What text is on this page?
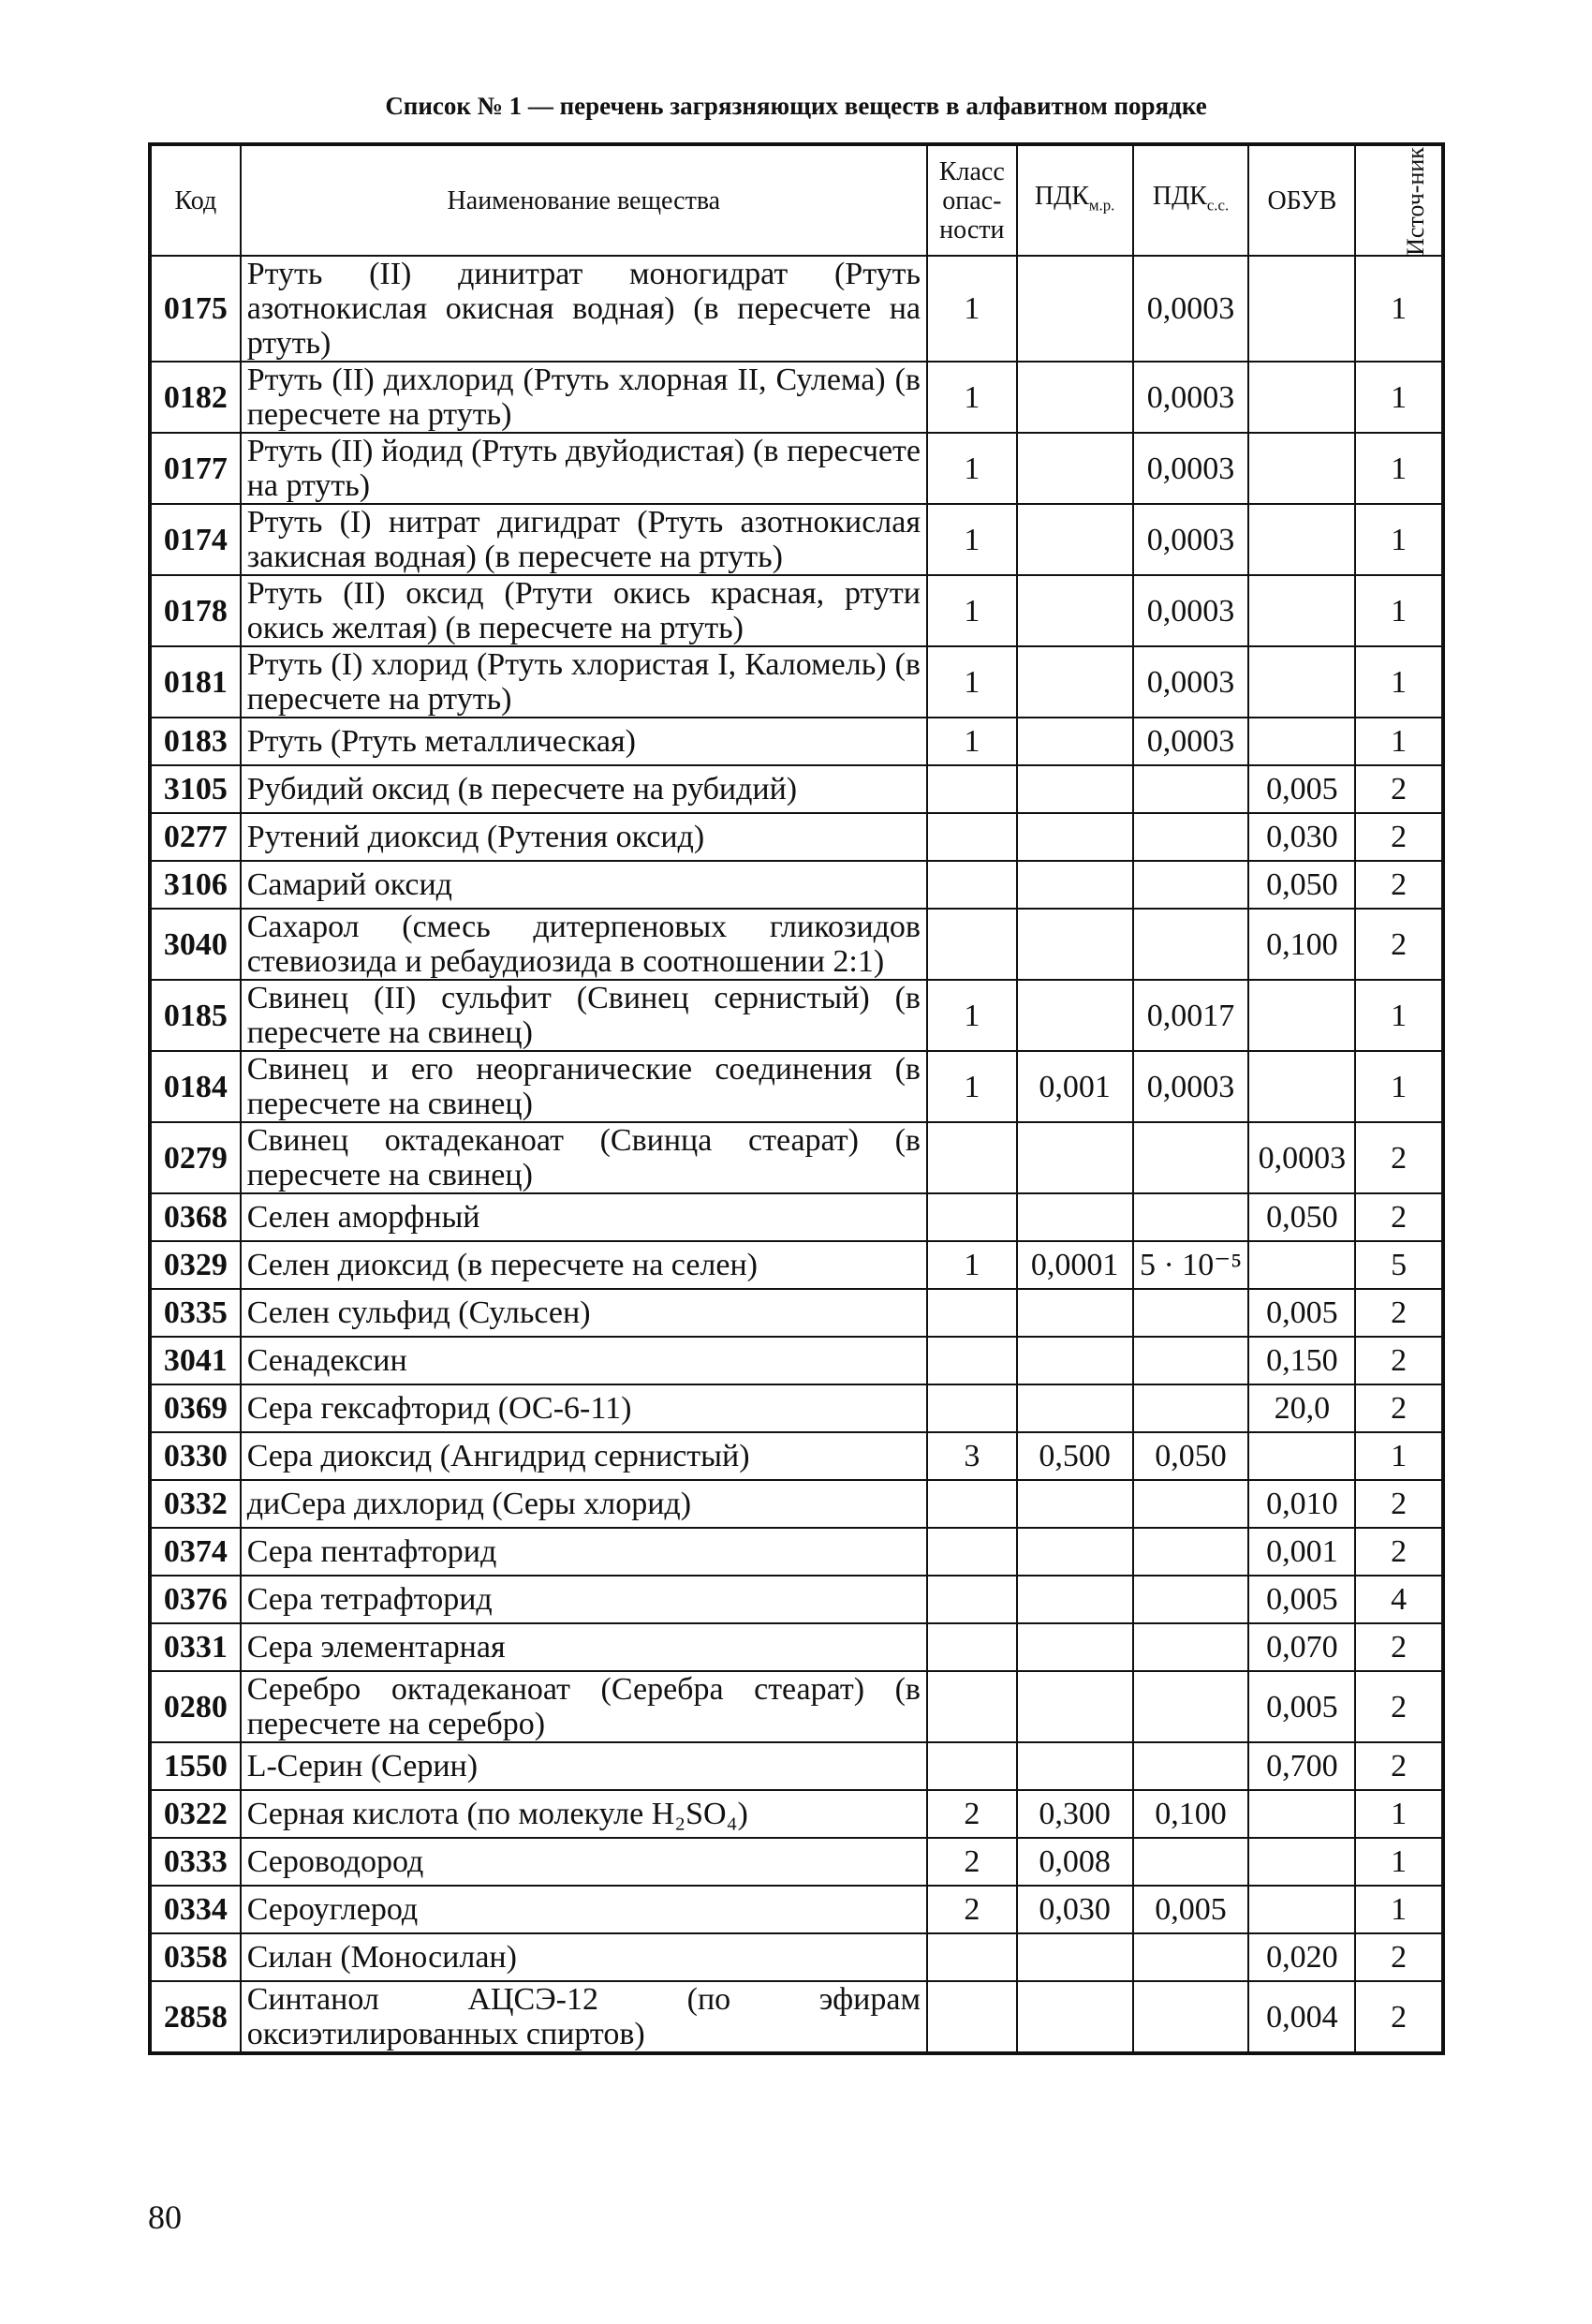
Список № 1 — перечень загрязняющих веществ в алфавитном порядке
Код	Наименование вещества	Класс опас-ности	$ПДК_{м.р.}$	$ПДК_{с.с.}$	ОБУВ	Источ-ник
0175	Ртуть (II) динитрат моногидрат (Ртуть азотнокислая окисная водная) (в пересчете на ртуть)	1		0,0003		1
0182	Ртуть (II) дихлорид (Ртуть хлорная II, Сулема) (в пересчете на ртуть)	1		0,0003		1
0177	Ртуть (II) йодид (Ртуть двуйодистая) (в пересчете на ртуть)	1		0,0003		1
0174	Ртуть (I) нитрат дигидрат (Ртуть азотнокислая закисная водная) (в пересчете на ртуть)	1		0,0003		1
0178	Ртуть (II) оксид (Ртути окись красная, ртути окись желтая) (в пересчете на ртуть)	1		0,0003		1
0181	Ртуть (I) хлорид (Ртуть хлористая I, Каломель) (в пересчете на ртуть)	1		0,0003		1
0183	Ртуть (Ртуть металлическая)	1		0,0003		1
3105	Рубидий оксид (в пересчете на рубидий)				0,005	2
0277	Рутений диоксид (Рутения оксид)				0,030	2
3106	Самарий оксид				0,050	2
3040	Сахарол (смесь дитерпеновых гликозидов стевиозида и ребаудиозида в соотношении 2:1)				0,100	2
0185	Свинец (II) сульфит (Свинец сернистый) (в пересчете на свинец)	1		0,0017		1
0184	Свинец и его неорганические соединения (в пересчете на свинец)	1	0,001	0,0003		1
0279	Свинец октадеканоат (Свинца стеарат) (в пересчете на свинец)				0,0003	2
0368	Селен аморфный				0,050	2
0329	Селен диоксид (в пересчете на селен)	1	0,0001	5 · 10⁻⁵		5
0335	Селен сульфид (Сульсен)				0,005	2
3041	Сенадексин				0,150	2
0369	Сера гексафторид (ОС-6-11)				20,0	2
0330	Сера диоксид (Ангидрид сернистый)	3	0,500	0,050		1
0332	диСера дихлорид (Серы хлорид)				0,010	2
0374	Сера пентафторид				0,001	2
0376	Сера тетрафторид				0,005	4
0331	Сера элементарная				0,070	2
0280	Серебро октадеканоат (Серебра стеарат) (в пересчете на серебро)				0,005	2
1550	L-Серин (Серин)				0,700	2
0322	Серная кислота (по молекуле H₂SO₄)	2	0,300	0,100		1
0333	Сероводород	2	0,008			1
0334	Сероуглерод	2	0,030	0,005		1
0358	Силан (Моносилан)				0,020	2
2858	Синтанол АЦСЭ-12 (по эфирам оксиэтилированных спиртов)				0,004	2
80
